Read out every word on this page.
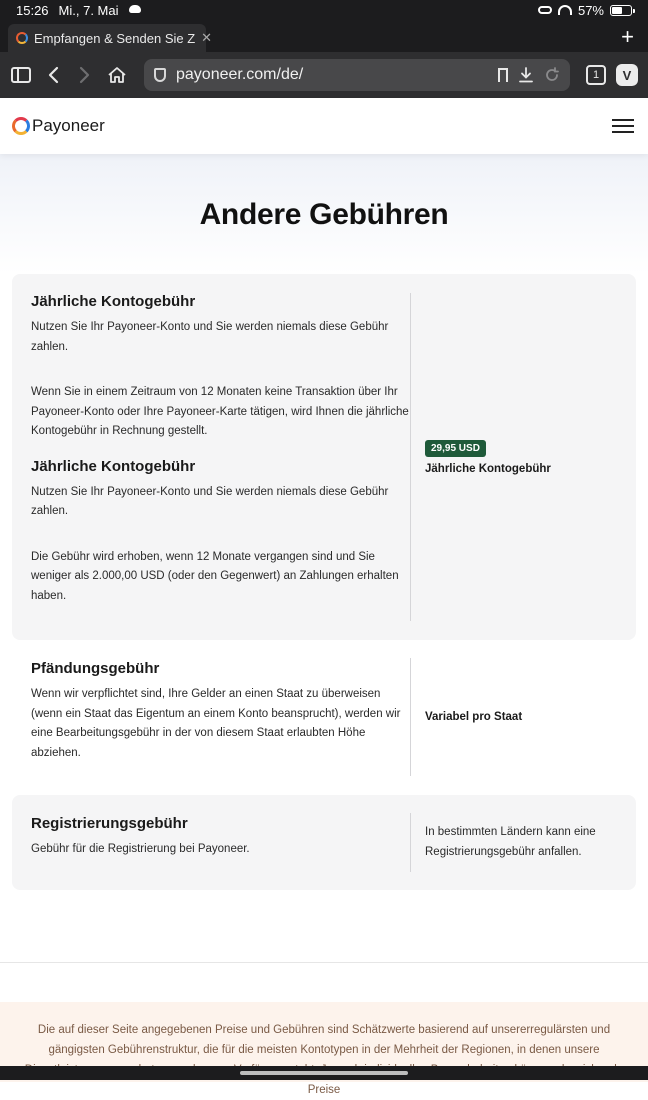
15:26 Mi., 7. Mai	57%
Empfangen & Senden Sie Z ✕	+
payoneer.com/de/	1	V
Payoneer
Andere Gebühren
Jährliche Kontogebühr
Nutzen Sie Ihr Payoneer-Konto und Sie werden niemals diese Gebühr zahlen.
Wenn Sie in einem Zeitraum von 12 Monaten keine Transaktion über Ihr Payoneer-Konto oder Ihre Payoneer-Karte tätigen, wird Ihnen die jährliche Kontogebühr in Rechnung gestellt.
Jährliche Kontogebühr
Nutzen Sie Ihr Payoneer-Konto und Sie werden niemals diese Gebühr zahlen.
Die Gebühr wird erhoben, wenn 12 Monate vergangen sind und Sie weniger als 2.000,00 USD (oder den Gegenwert) an Zahlungen erhalten haben.
29,95 USD
Jährliche Kontogebühr
Pfändungsgebühr
Wenn wir verpflichtet sind, Ihre Gelder an einen Staat zu überweisen (wenn ein Staat das Eigentum an einem Konto beansprucht), werden wir eine Bearbeitungsgebühr in der von diesem Staat erlaubten Höhe abziehen.
Variabel pro Staat
Registrierungsgebühr
Gebühr für die Registrierung bei Payoneer.
In bestimmten Ländern kann eine Registrierungsgebühr anfallen.
Die auf dieser Seite angegebenen Preise und Gebühren sind Schätzwerte basierend auf unsererregulärsten und gängigsten Gebührenstruktur, die für die meisten Kontotypen in der Mehrheit der Regionen, in denen unsere Preise
